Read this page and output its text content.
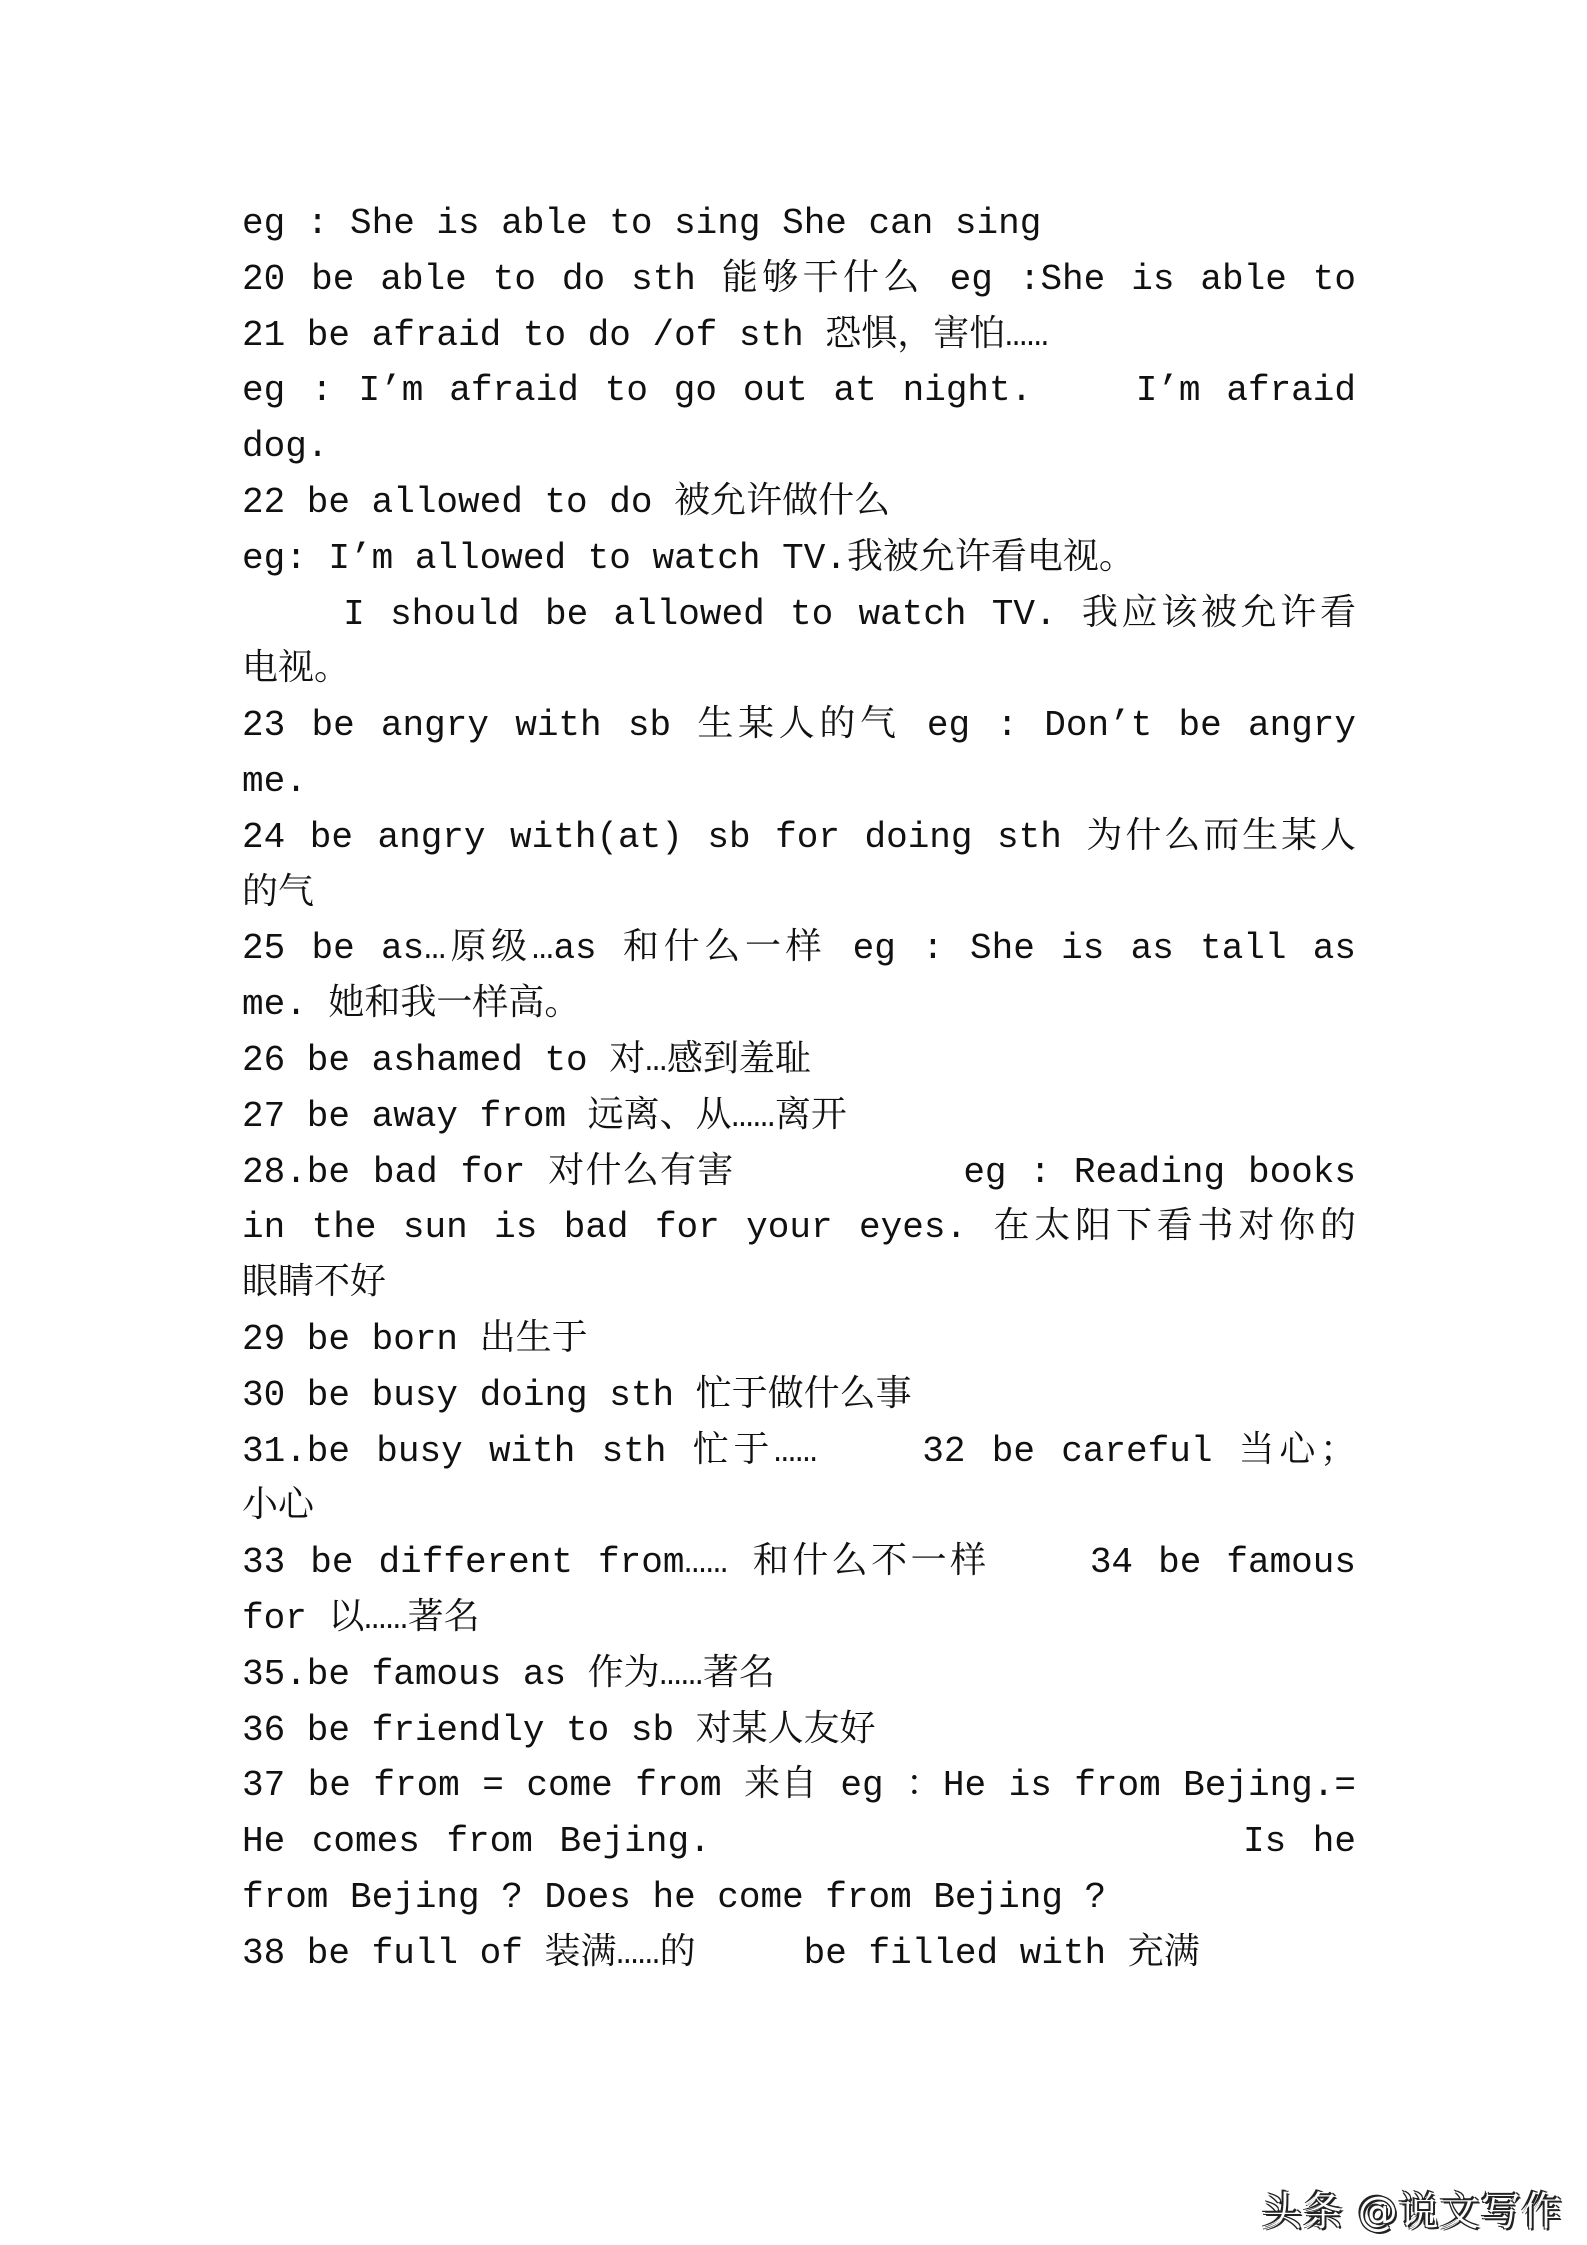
头条 @说文写作
eg : She is able to sing She can sing
20 be able to do sth 能够干什么 eg :She is able to
21 be afraid to do /of sth 恐惧，害怕……
eg : I’m afraid to go out at night.    I’m afraid
dog.
22 be allowed to do 被允许做什么
eg: I’m allowed to watch TV.我被允许看电视。
I should be allowed to watch TV. 我应该被允许看
电视。
23 be angry with sb 生某人的气 eg : Don’t be angry
me.
24 be angry with(at) sb for doing sth 为什么而生某人
的气
25 be as…原级…as 和什么一样 eg : She is as tall as
me. 她和我一样高。
26 be ashamed to 对…感到羞耻
27 be away from 远离、从……离开
28.be bad for 对什么有害          eg : Reading books
in the sun is bad for your eyes. 在太阳下看书对你的
眼睛不好
29 be born 出生于
30 be busy doing sth 忙于做什么事
31.be busy with sth 忙于……    32 be careful 当心；
小心
33 be different from…… 和什么不一样    34 be famous
for 以……著名
35.be famous as 作为……著名
36 be friendly to sb 对某人友好
37 be from = come from 来自 eg ：He is from Bejing.=
He comes from Bejing.                    Is he
from Bejing ? Does he come from Bejing ?
38 be full of 装满……的     be filled with 充满
